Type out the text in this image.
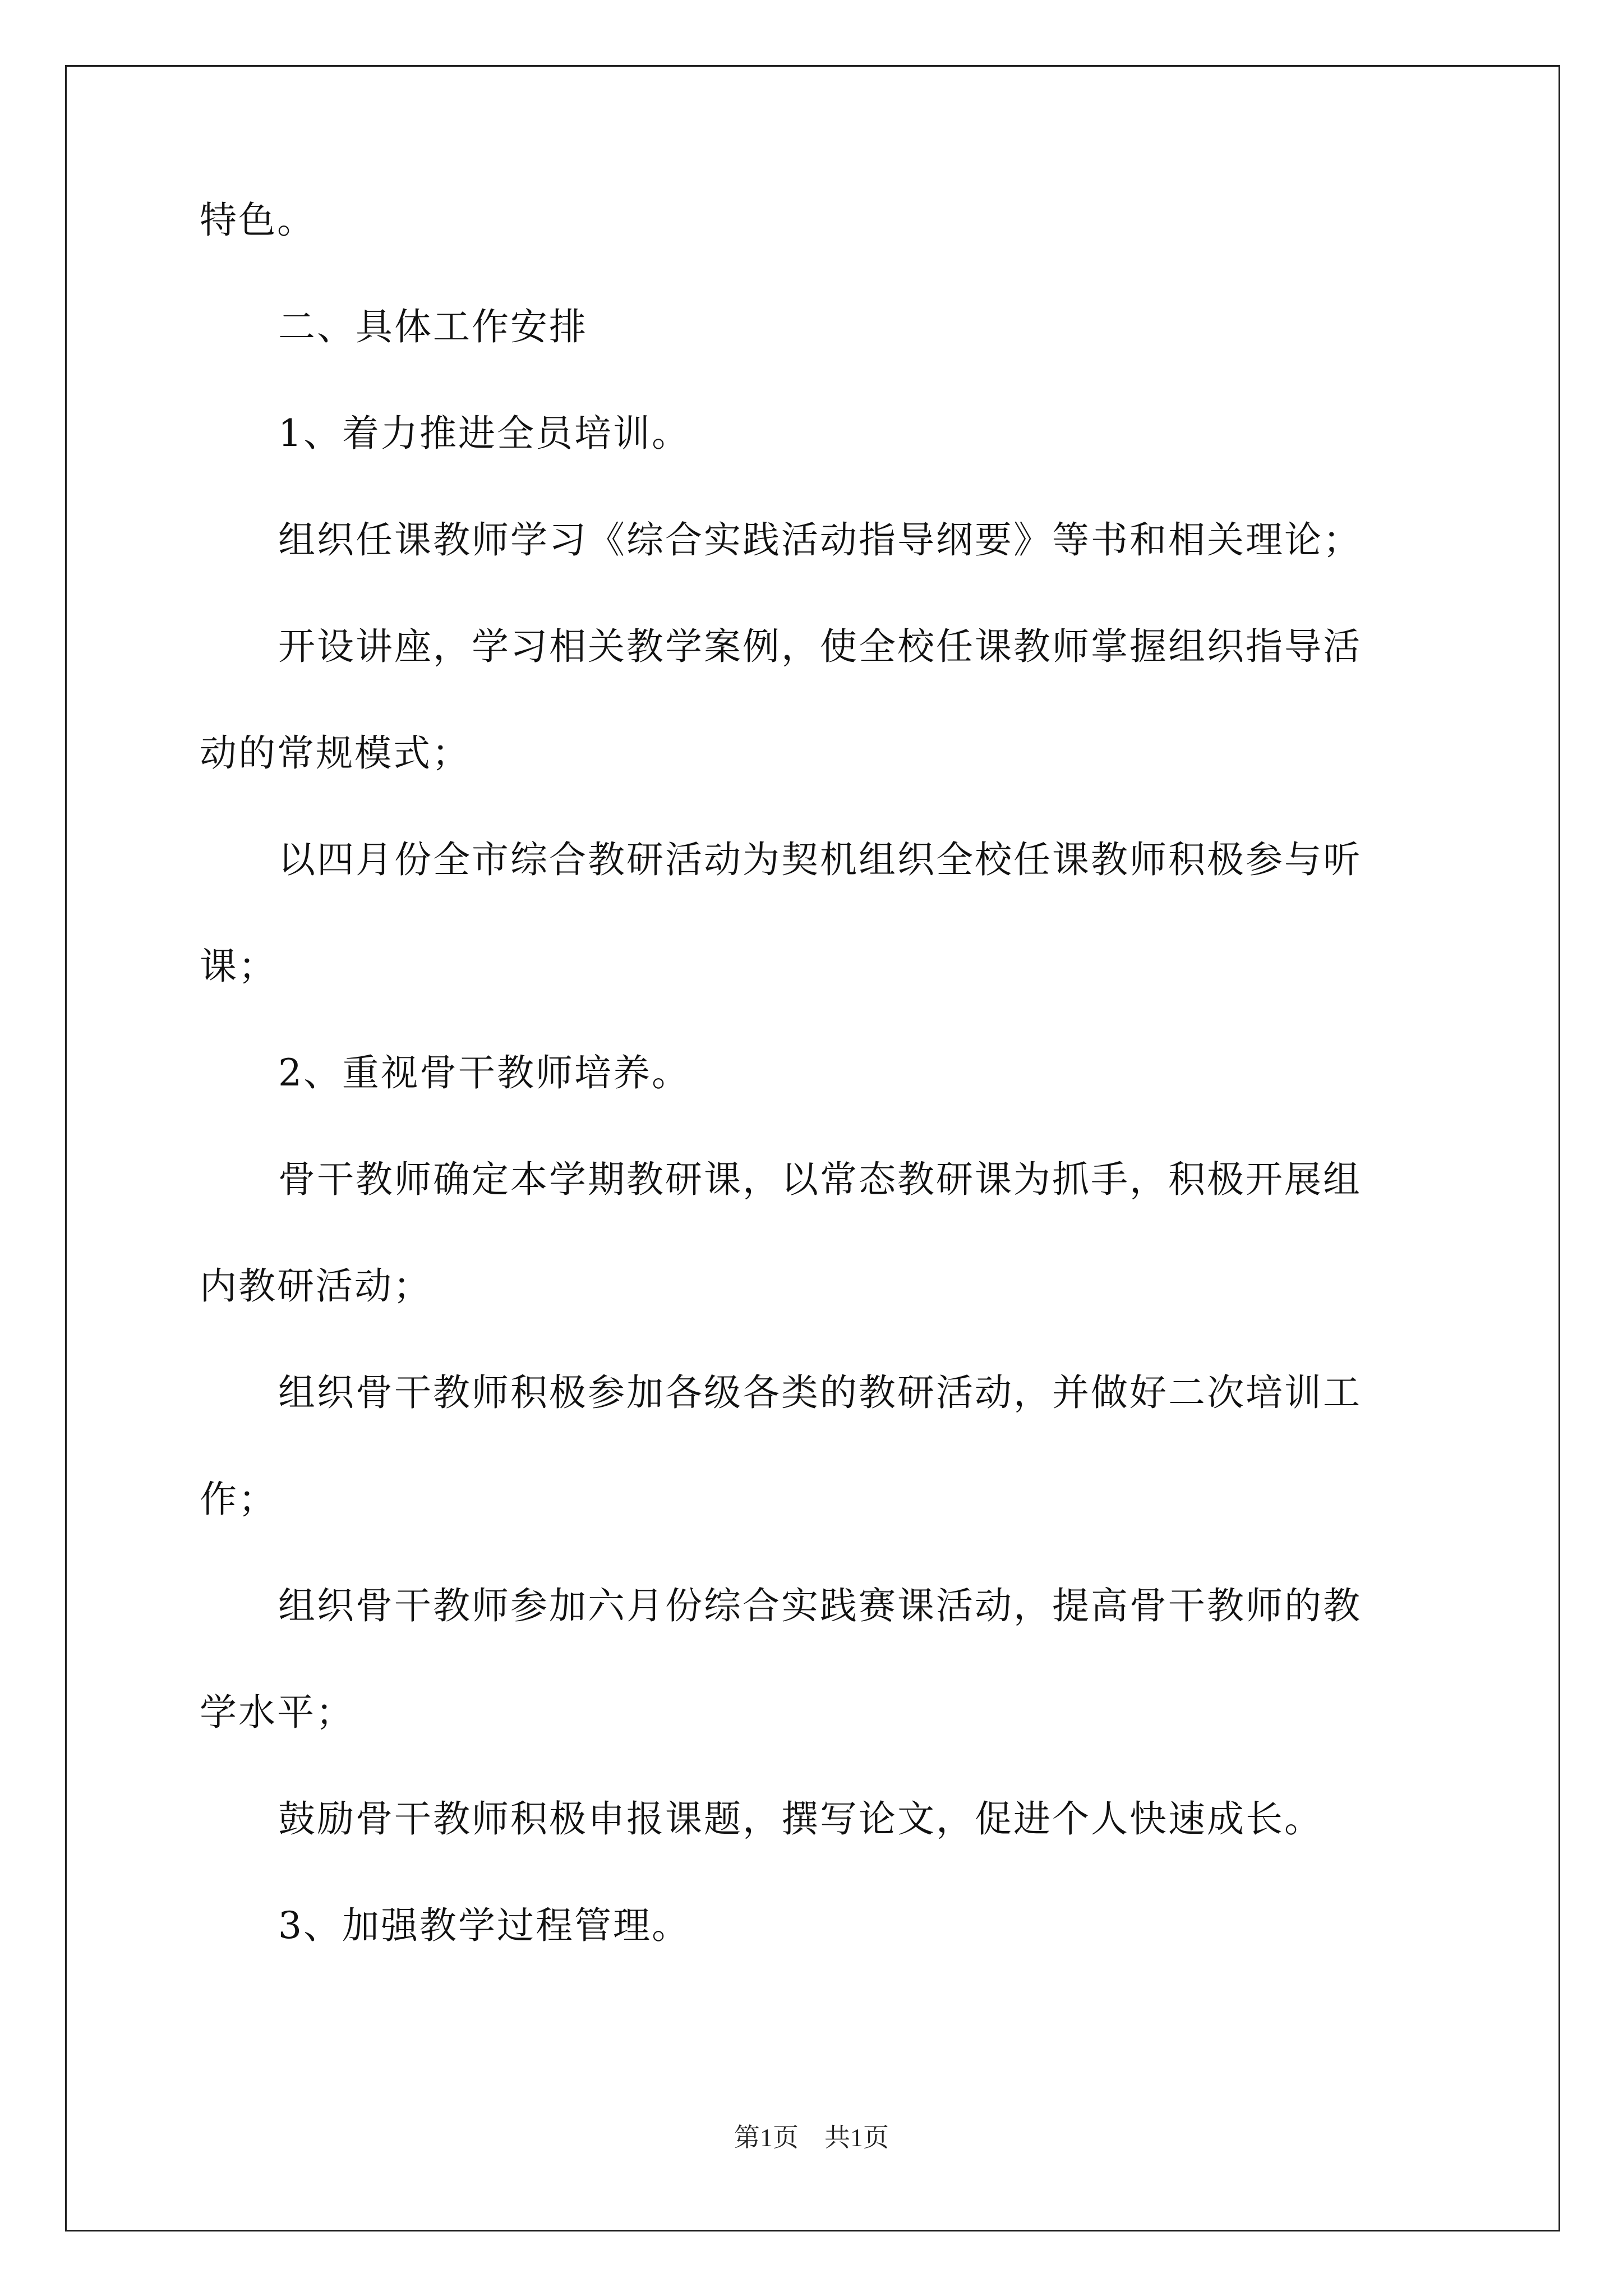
特色。

二、具体工作安排

1、着力推进全员培训。

组织任课教师学习《综合实践活动指导纲要》等书和相关理论；

开设讲座，学习相关教学案例，使全校任课教师掌握组织指导活

动的常规模式；

以四月份全市综合教研活动为契机组织全校任课教师积极参与听

课；

2、重视骨干教师培养。

骨干教师确定本学期教研课，以常态教研课为抓手，积极开展组

内教研活动；

组织骨干教师积极参加各级各类的教研活动，并做好二次培训工

作；

组织骨干教师参加六月份综合实践赛课活动，提高骨干教师的教

学水平；

鼓励骨干教师积极申报课题，撰写论文，促进个人快速成长。

3、加强教学过程管理。

第1页　共1页
